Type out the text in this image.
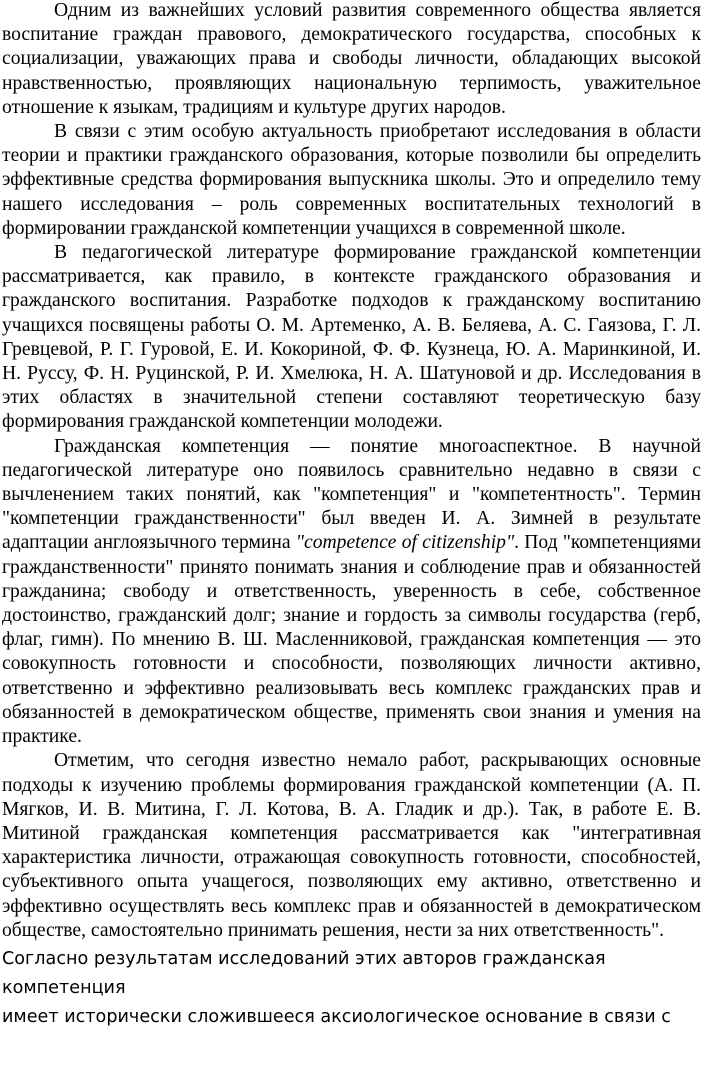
Одним из важнейших условий развития современного общества является воспитание граждан правового, демократического государства, способных к социализации, уважающих права и свободы личности, обладающих высокой нравственностью, проявляющих национальную терпимость, уважительное отношение к языкам, традициям и культуре других народов.

В связи с этим особую актуальность приобретают исследования в области теории и практики гражданского образования, которые позволили бы определить эффективные средства формирования выпускника школы. Это и определило тему нашего исследования – роль современных воспитательных технологий в формировании гражданской компетенции учащихся в современной школе.

В педагогической литературе формирование гражданской компетенции рассматривается, как правило, в контексте гражданского образования и гражданского воспитания. Разработке подходов к гражданскому воспитанию учащихся посвящены работы О. М. Артеменко, А. В. Беляева, А. С. Гаязова, Г. Л. Гревцевой, Р. Г. Гуровой, Е. И. Кокориной, Ф. Ф. Кузнеца, Ю. А. Маринкиной, И. Н. Руссу, Ф. Н. Руцинской, Р. И. Хмелюка, Н. А. Шатуновой и др. Исследования в этих областях в значительной степени составляют теоретическую базу формирования гражданской компетенции молодежи.

Гражданская компетенция — понятие многоаспектное. В научной педагогической литературе оно появилось сравнительно недавно в связи с вычленением таких понятий, как "компетенция" и "компетентность". Термин "компетенции гражданственности" был введен И. А. Зимней в результате адаптации англоязычного термина "competence of citizenship". Под "компетенциями гражданственности" принято понимать знания и соблюдение прав и обязанностей гражданина; свободу и ответственность, уверенность в себе, собственное достоинство, гражданский долг; знание и гордость за символы государства (герб, флаг, гимн). По мнению В. Ш. Масленниковой, гражданская компетенция — это совокупность готовности и способности, позволяющих личности активно, ответственно и эффективно реализовывать весь комплекс гражданских прав и обязанностей в демократическом обществе, применять свои знания и умения на практике.

Отметим, что сегодня известно немало работ, раскрывающих основные подходы к изучению проблемы формирования гражданской компетенции (А. П. Мягков, И. В. Митина, Г. Л. Котова, В. А. Гладик и др.). Так, в работе Е. В. Митиной гражданская компетенция рассматривается как "интегративная характеристика личности, отражающая совокупность готовности, способностей, субъективного опыта учащегося, позволяющих ему активно, ответственно и эффективно осуществлять весь комплекс прав и обязанностей в демократическом обществе, самостоятельно принимать решения, нести за них ответственность".

Согласно результатам исследований этих авторов гражданская компетенция
имеет исторически сложившееся аксиологическое основание в связи с
